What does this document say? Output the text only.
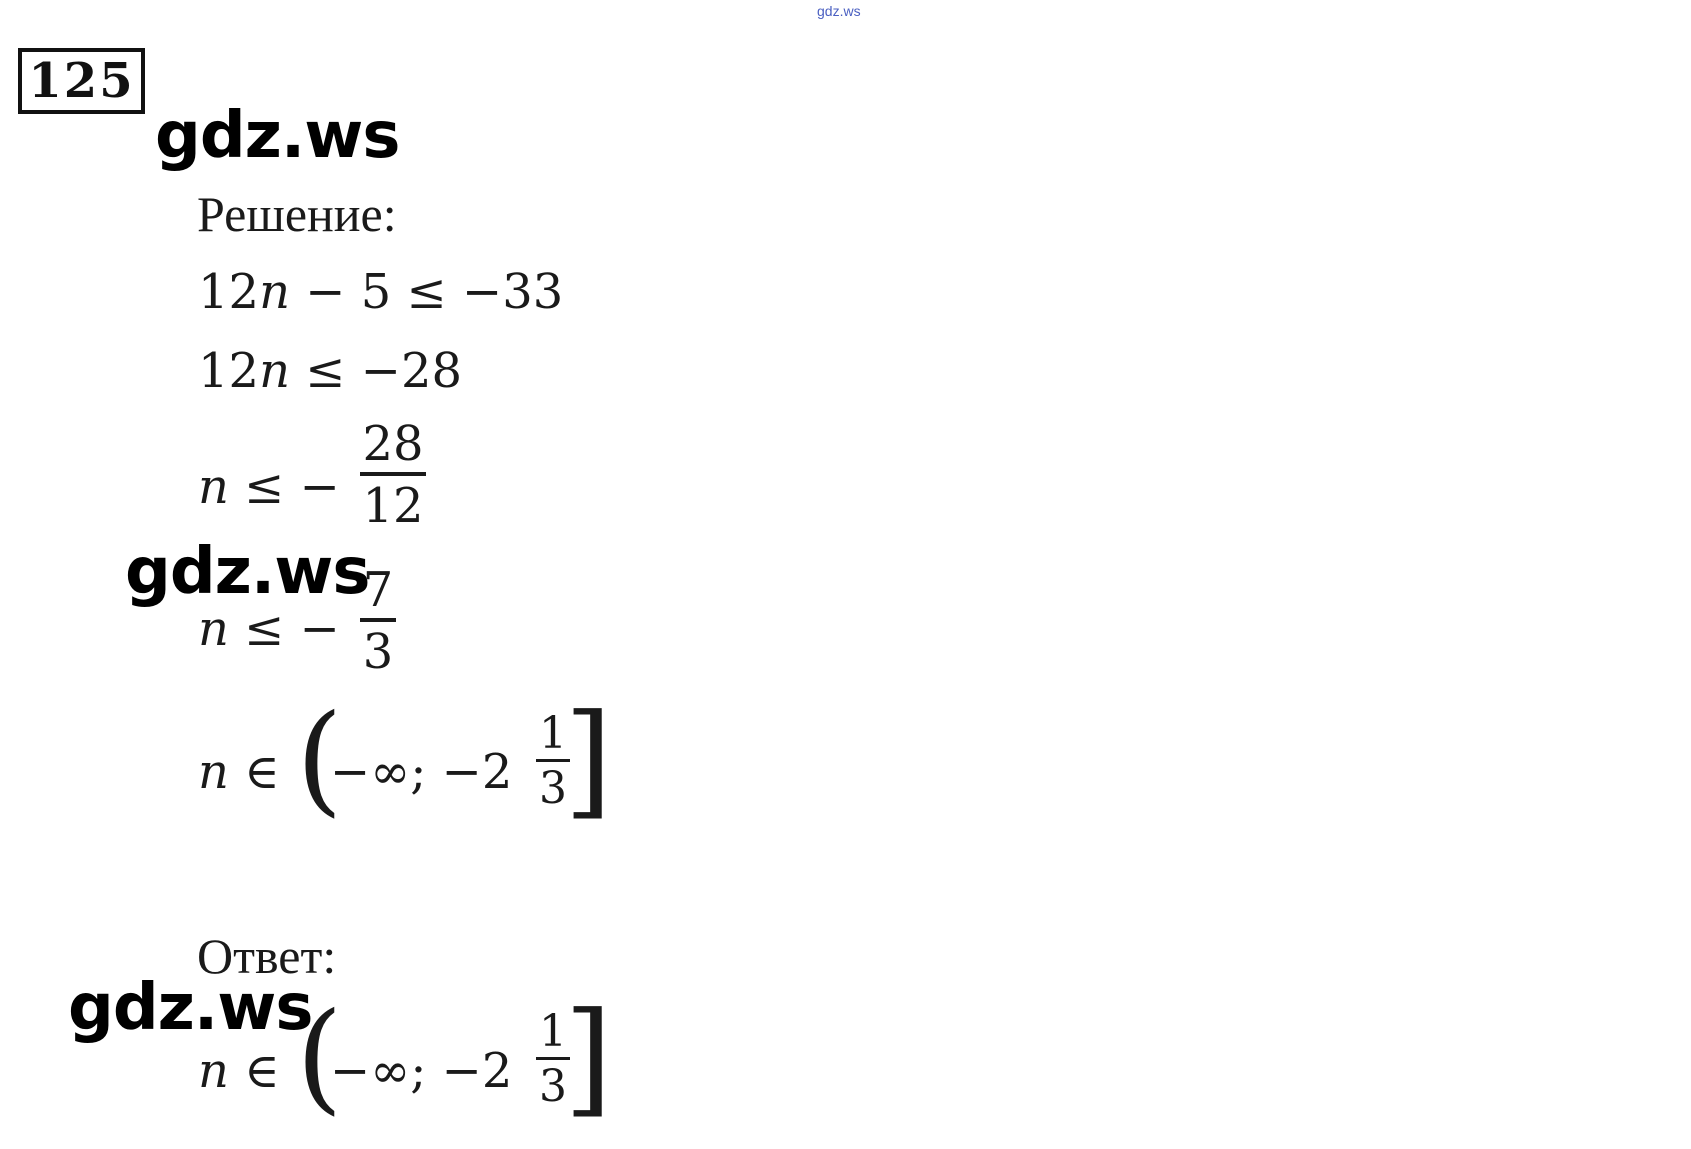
gdz.ws
125
gdz.ws
Решение:
12n − 5 ≤ −33
12n ≤ −28
n ≤ −
28
12
gdz.ws
n ≤ −
7
3
n ∈ (
−∞; −2
1
3
]
Ответ:
gdz.ws
n ∈ (
−∞; −2
1
3
]
